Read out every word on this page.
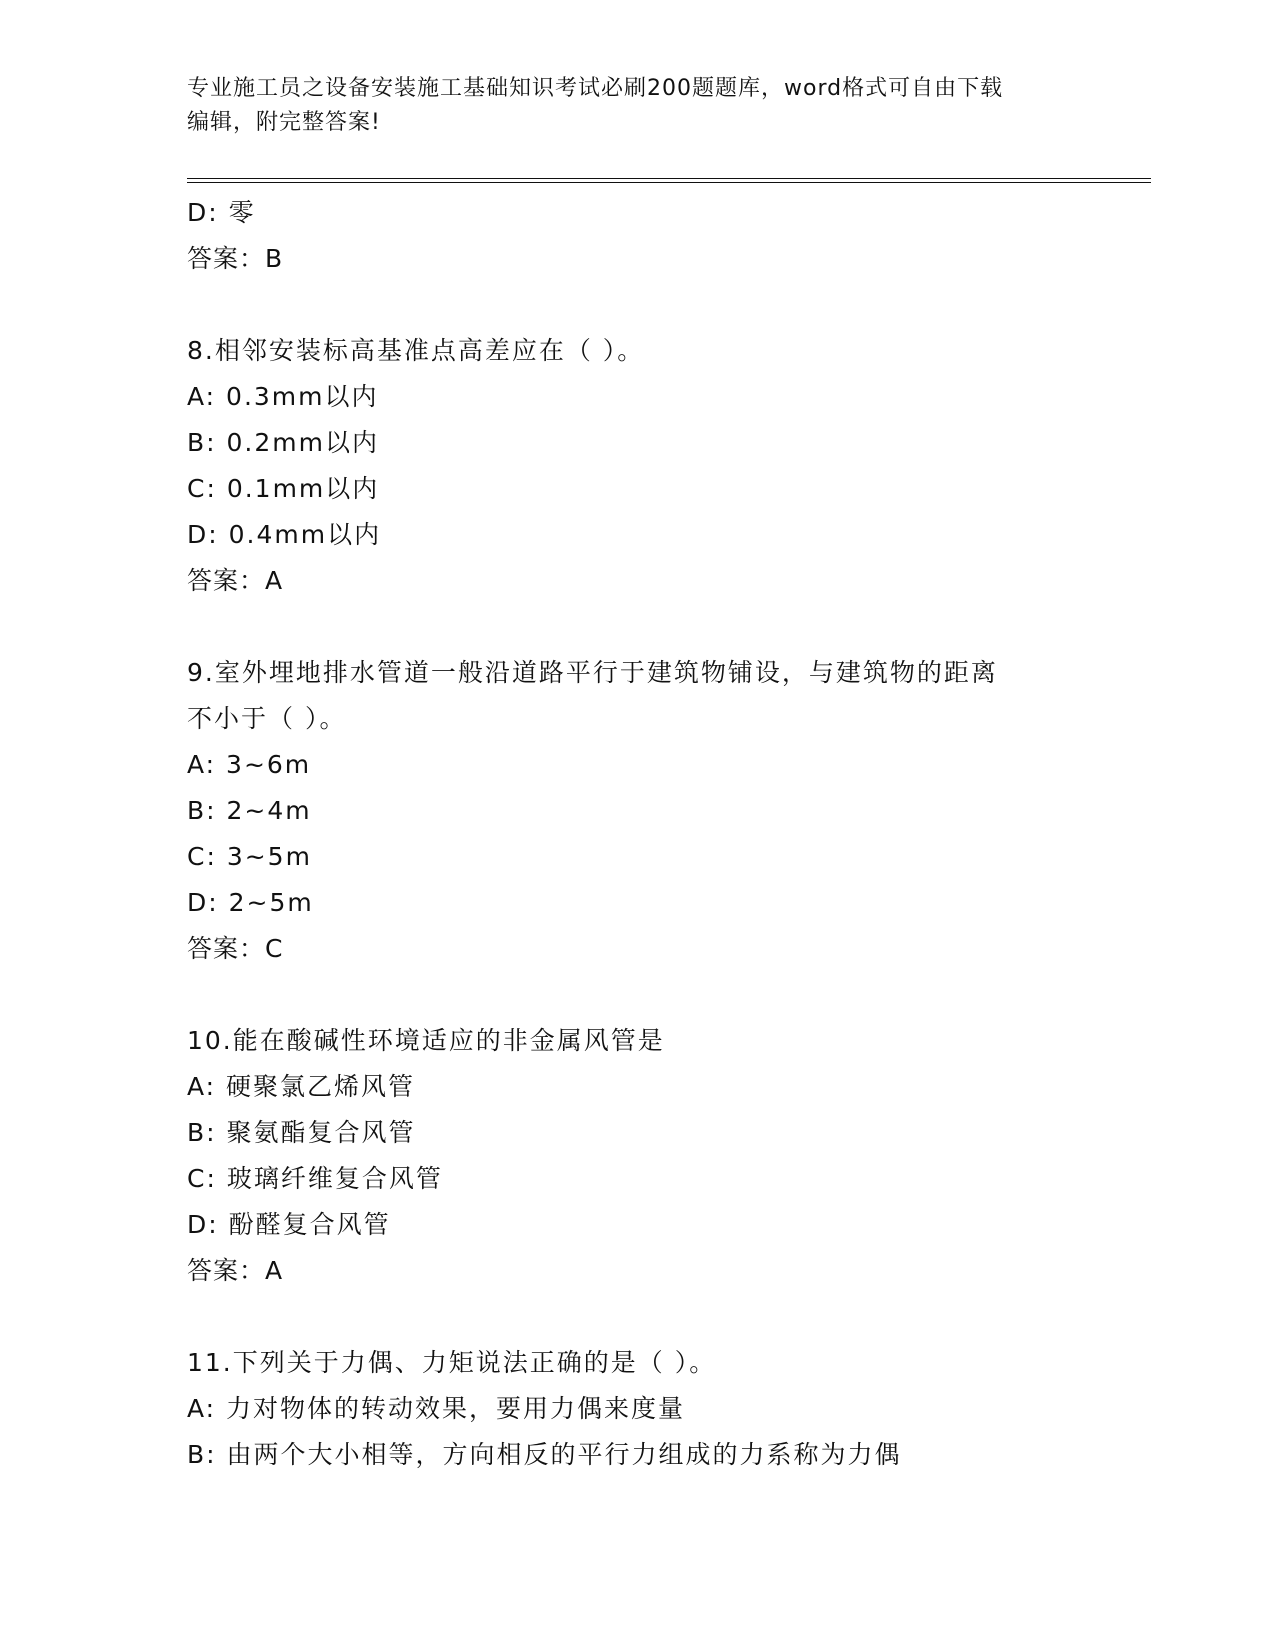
专业施工员之设备安装施工基础知识考试必刷200题题库，word格式可自由下载
编辑，附完整答案!
D: 零
答案：B
8.相邻安装标高基准点高差应在（ ）。
A: 0.3mm以内
B: 0.2mm以内
C: 0.1mm以内
D: 0.4mm以内
答案：A
9.室外埋地排水管道一般沿道路平行于建筑物铺设，与建筑物的距离
不小于（ ）。
A: 3~6m
B: 2~4m
C: 3~5m
D: 2~5m
答案：C
10.能在酸碱性环境适应的非金属风管是
A: 硬聚氯乙烯风管
B: 聚氨酯复合风管
C: 玻璃纤维复合风管
D: 酚醛复合风管
答案：A
11.下列关于力偶、力矩说法正确的是（ ）。
A: 力对物体的转动效果，要用力偶来度量
B: 由两个大小相等，方向相反的平行力组成的力系称为力偶
